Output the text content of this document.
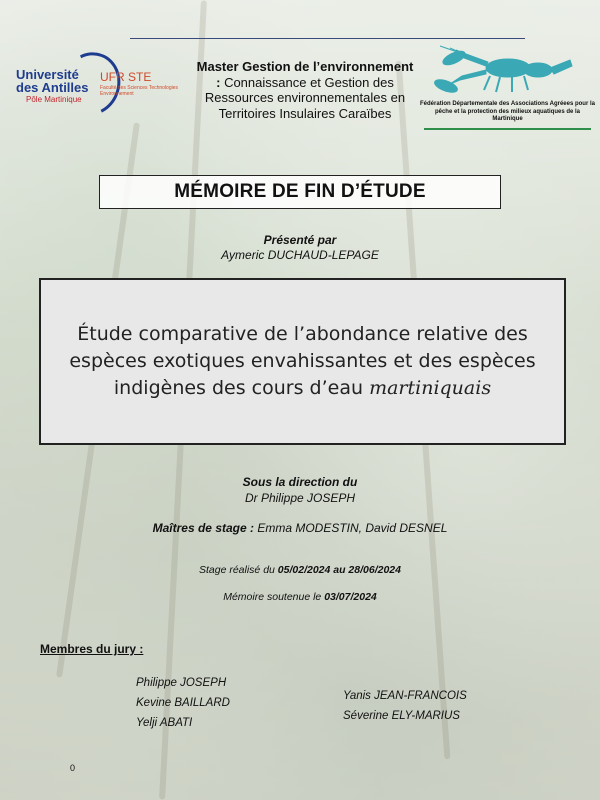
Université
des Antilles
Pôle Martinique
UFR STE
Faculté des Sciences Technologies Environnement
Master Gestion de l’environnement : Connaissance et Gestion des Ressources environnementales en Territoires Insulaires Caraïbes
Fédération Départementale des Associations Agréees pour la pêche et la protection des milieux aquatiques de la Martinique
MÉMOIRE DE FIN D’ÉTUDE
Présenté par
Aymeric DUCHAUD-LEPAGE
Étude comparative de l’abondance relative des espèces exotiques envahissantes et des espèces indigènes des cours d’eau martiniquais
Sous la direction du
Dr Philippe JOSEPH
Maîtres de stage : Emma MODESTIN, David DESNEL
Stage réalisé du 05/02/2024 au 28/06/2024
Mémoire soutenue le 03/07/2024
Membres du jury :
Philippe JOSEPH
Kevine BAILLARD
Yelji ABATI
Yanis JEAN-FRANCOIS
Séverine ELY-MARIUS
0
